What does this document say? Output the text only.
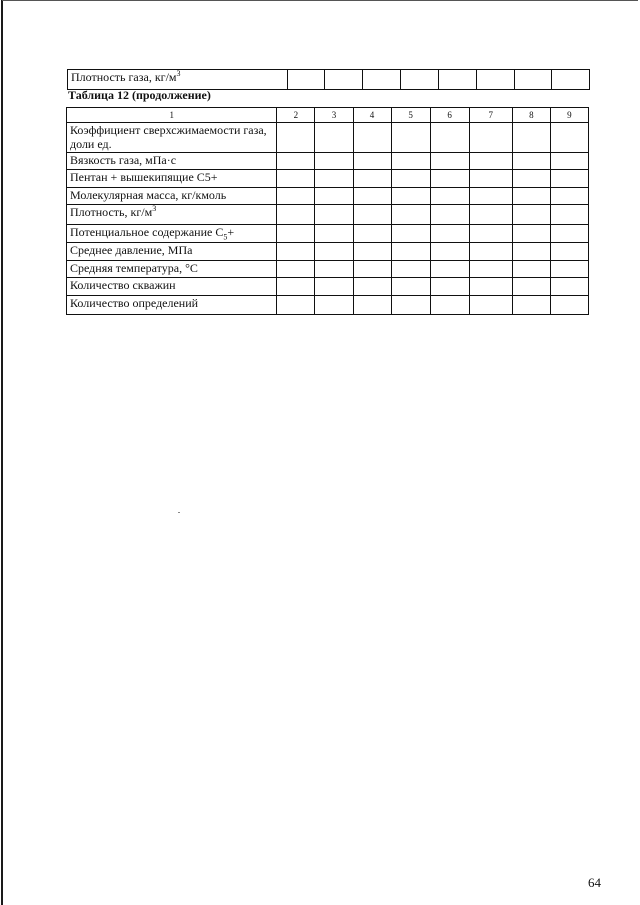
Плотность газа, $кг/м^3$								
Таблица 12 (продолжение)
1	2	3	4	5	6	7	8	9
Коэффициент сверхсжимаемости газа, доли ед.								
Вязкость газа, мПа·с								
Пентан + вышекипящие С5+								
Молекулярная масса, кг/кмоль								
Плотность, $кг/м^3$								
Потенциальное содержание $С_5+$								
Среднее давление, МПа								
Средняя температура, °С								
Количество скважин								
Количество определений								
64
